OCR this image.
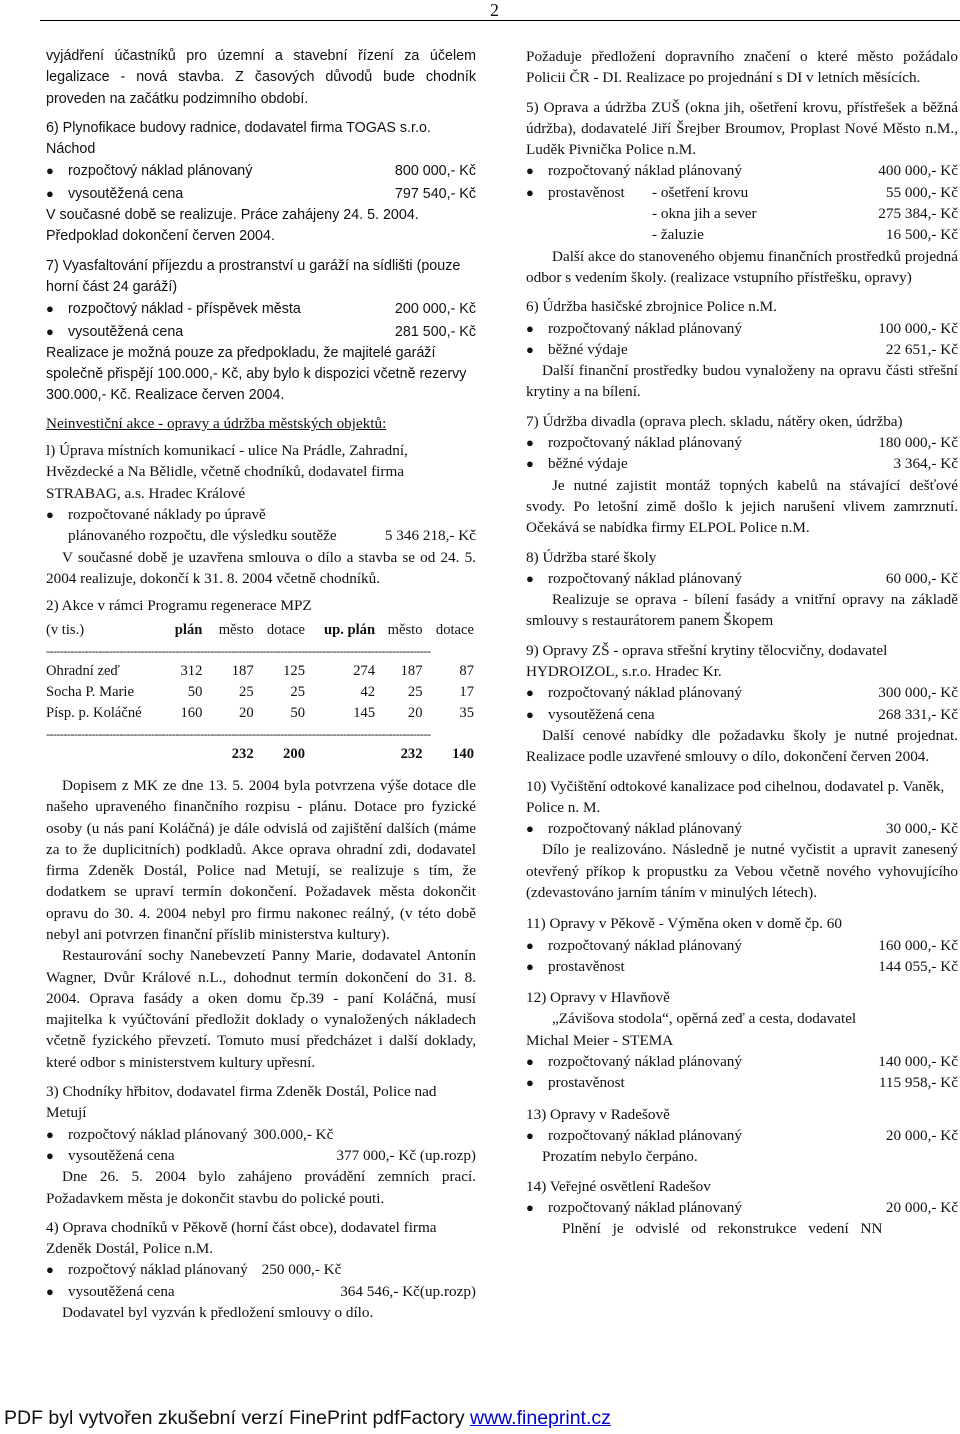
2

vyjádření účastníků pro územní a stavební řízení za účelem legalizace - nová stavba. Z časových důvodů bude chodník proveden na začátku podzimního období.

6) Plynofikace budovy radnice, dodavatel firma TOGAS s.r.o. Náchod

● rozpočtový náklad plánovaný	800 000,- Kč
● vysoutěžená cena	797 540,- Kč

V současné době se realizuje. Práce zahájeny 24. 5. 2004. Předpoklad dokončení červen 2004.

7) Vyasfaltování příjezdu a prostranství u garáží na sídlišti (pouze horní část 24 garáží)

● rozpočtový náklad - příspěvek města	200 000,- Kč
● vysoutěžená cena	281 500,- Kč

Realizace je možná pouze za předpokladu, že majitelé garáží společně přispějí 100.000,- Kč, aby bylo k dispozici včetně rezervy 300.000,- Kč. Realizace červen 2004.

Neinvestiční akce - opravy a údržba městských objektů:

l) Úprava místních komunikací - ulice Na Prádle, Zahradní, Hvězdecké a Na Bělidle, včetně chodníků, dodavatel firma STRABAG, a.s. Hradec Králové

● rozpočtované náklady po úpravě plánovaného rozpočtu, dle výsledku soutěže	5 346 218,- Kč

V současné době je uzavřena smlouva o dílo a stavba se od 24. 5. 2004 realizuje, dokončí k 31. 8. 2004 včetně chodníků.

2) Akce v rámci Programu regenerace MPZ

(v tis.)	plán	město	dotace	up. plán	město	dotace

--------------------------------------------------------------------------------------------------------------						

Ohradní zeď	312	187	125	274	187	87
Socha P. Marie	50	25	25	42	25	17
Písp. p. Koláčné	160	20	50	145	20	35

--------------------------------------------------------------------------------------------------------------						

		232	200		232	140

Dopisem z MK ze dne 13. 5. 2004 byla potvrzena výše dotace dle našeho upraveného finančního rozpisu - plánu. Dotace pro fyzické osoby (u nás paní Koláčná) je dále odvislá od zajištění dalších (máme za to že duplicitních) podkladů. Akce oprava ohradní zdi, dodavatel firma Zdeněk Dostál, Police nad Metují, se realizuje s tím, že dodatkem se upraví termín dokončení. Požadavek města dokončit opravu do 30. 4. 2004 nebyl pro firmu nakonec reálný, (v této době nebyl ani potvrzen finanční příslib ministerstva kultury).

Restaurování sochy Nanebevzetí Panny Marie, dodavatel Antonín Wagner, Dvůr Králové n.L., dohodnut termín dokončení do 31. 8. 2004. Oprava fasády a oken domu čp.39 - paní Koláčná, musí majitelka k vyúčtování předložit doklady o vynaložených nákladech včetně fyzického převzetí. Tomuto musí předcházet i další doklady, které odbor s ministerstvem kultury upřesní.

3) Chodníky hřbitov, dodavatel firma Zdeněk Dostál, Police nad Metují

● rozpočtový náklad plánovaný 300.000,- Kč
● vysoutěžená cena	377 000,- Kč (up.rozp)

Dne 26. 5. 2004 bylo zahájeno provádění zemních prací. Požadavkem města je dokončit stavbu do polické pouti.

4) Oprava chodníků v Pěkově (horní část obce), dodavatel firma Zdeněk Dostál, Police n.M.

● rozpočtový náklad plánovaný 250 000,- Kč
● vysoutěžená cena	364 546,- Kč(up.rozp)

Dodavatel byl vyzván k předložení smlouvy o dílo.

Požaduje předložení dopravního značení o které město požádalo Policii ČR - DI. Realizace po projednání s DI v letních měsících.

5) Oprava a údržba ZUŠ (okna jih, ošetření krovu, přístřešek a běžná údržba), dodavatelé Jiří Šrejber Broumov, Proplast Nové Město n.M., Luděk Pivnička Police n.M.

● rozpočtovaný náklad plánovaný	400 000,- Kč
● prostavěnost	- ošetření krovu	55 000,- Kč
- okna jih a sever	275 384,- Kč
- žaluzie	16 500,- Kč

Další akce do stanoveného objemu finančních prostředků projedná odbor s vedením školy. (realizace vstupního přístřešku, opravy)

6) Údržba hasičské zbrojnice Police n.M.

● rozpočtovaný náklad plánovaný	100 000,- Kč
● běžné výdaje	22 651,- Kč

Další finanční prostředky budou vynaloženy na opravu části střešní krytiny a na bílení.

7) Údržba divadla (oprava plech. skladu, nátěry oken, údržba)

● rozpočtovaný náklad plánovaný	180 000,- Kč
● běžné výdaje	3 364,- Kč

Je nutné zajistit montáž topných kabelů na stávající dešťové svody. Po letošní zimě došlo k jejich narušení vlivem zamrznutí. Očekává se nabídka firmy ELPOL Police n.M.

8) Údržba staré školy

● rozpočtovaný náklad plánovaný	60 000,- Kč

Realizuje se oprava - bílení fasády a vnitřní opravy na základě smlouvy s restaurátorem panem Škopem

9) Opravy ZŠ - oprava střešní krytiny tělocvičny, dodavatel HYDROIZOL, s.r.o. Hradec Kr.

● rozpočtovaný náklad plánovaný	300 000,- Kč
● vysoutěžená cena	268 331,- Kč

Další cenové nabídky dle požadavku školy je nutné projednat. Realizace podle uzavřené smlouvy o dílo, dokončení červen 2004.

10) Vyčištění odtokové kanalizace pod cihelnou, dodavatel p. Vaněk, Police n. M.

● rozpočtovaný náklad plánovaný	30 000,- Kč

Dílo je realizováno. Následně je nutné vyčistit a upravit zanesený otevřený příkop k propustku za Vebou včetně nového vyhovujícího (zdevastováno jarním táním v minulých létech).

11) Opravy v Pěkově - Výměna oken v domě čp. 60

● rozpočtovaný náklad plánovaný	160 000,- Kč
● prostavěnost	144 055,- Kč

12) Opravy v Hlavňově

„Závišova stodola“, opěrná zeď a cesta, dodavatel

Michal Meier - STEMA

● rozpočtovaný náklad plánovaný	140 000,- Kč
● prostavěnost	115 958,- Kč

13) Opravy v Radešově

● rozpočtovaný náklad plánovaný	20 000,- Kč

Prozatím nebylo čerpáno.

14) Veřejné osvětlení Radešov

● rozpočtovaný náklad plánovaný	20 000,- Kč

Plnění je odvislé od rekonstrukce vedení NN

PDF byl vytvořen zkušební verzí FinePrint pdfFactory www.fineprint.cz
